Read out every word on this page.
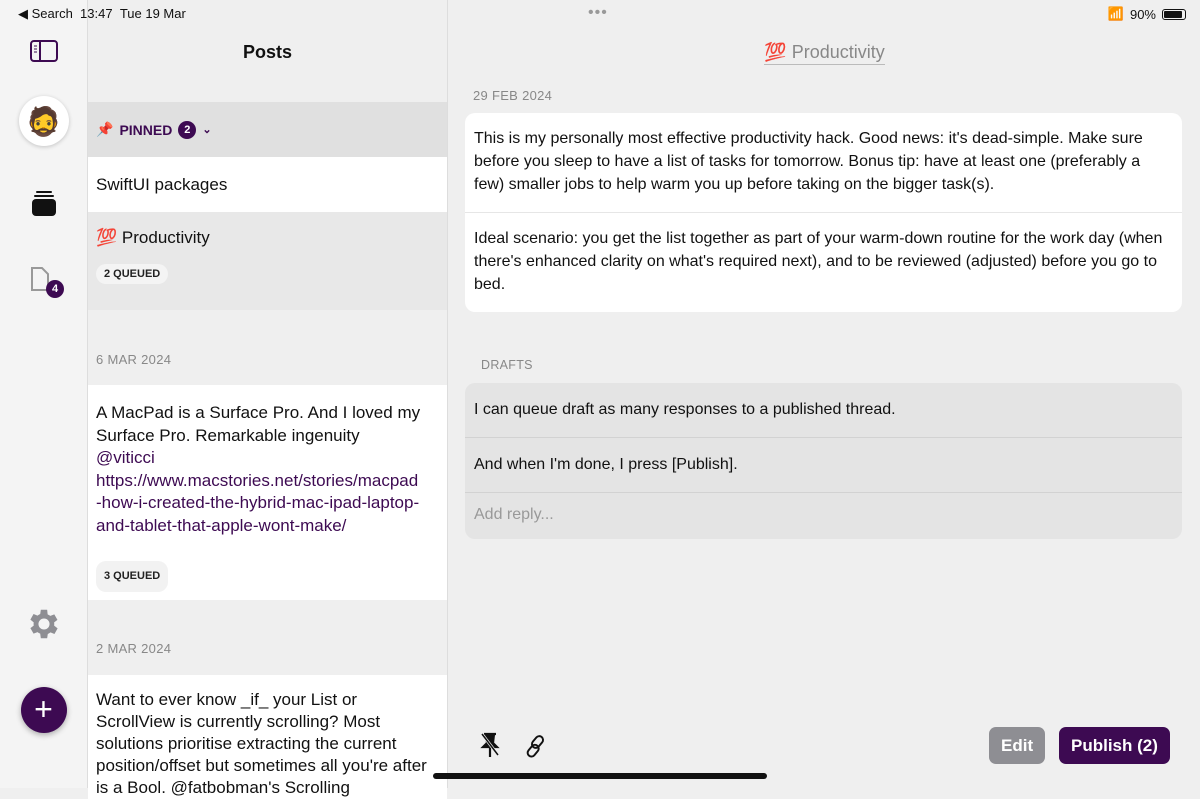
◀ Search 13:47 Tue 19 Mar	•••	📶 90%
🧔
4
+
Posts
📌 PINNED	2	⌄
SwiftUI packages
💯 Productivity
2 QUEUED
6 MAR 2024
A MacPad is a Surface Pro. And I loved my Surface Pro. Remarkable ingenuity @viticci https://www.macstories.net/stories/macpad-how-i-created-the-hybrid-mac-ipad-laptop-and-tablet-that-apple-wont-make/
3 QUEUED
2 MAR 2024
Want to ever know _if_ your List or ScrollView is currently scrolling? Most solutions prioritise extracting the current position/offset but sometimes all you're after is a Bool. @fatbobman's Scrolling
💯 Productivity
29 FEB 2024

This is my personally most effective productivity hack. Good news: it's dead-simple. Make sure before you sleep to have a list of tasks for tomorrow. Bonus tip: have at least one (preferably a few) smaller jobs to help warm you up before taking on the bigger task(s).

Ideal scenario: you get the list together as part of your warm-down routine for the work day (when there's enhanced clarity on what's required next), and to be reviewed (adjusted) before you go to bed.

DRAFTS
I can queue draft as many responses to a published thread.
And when I'm done, I press [Publish].
Add reply...
Edit	Publish (2)
